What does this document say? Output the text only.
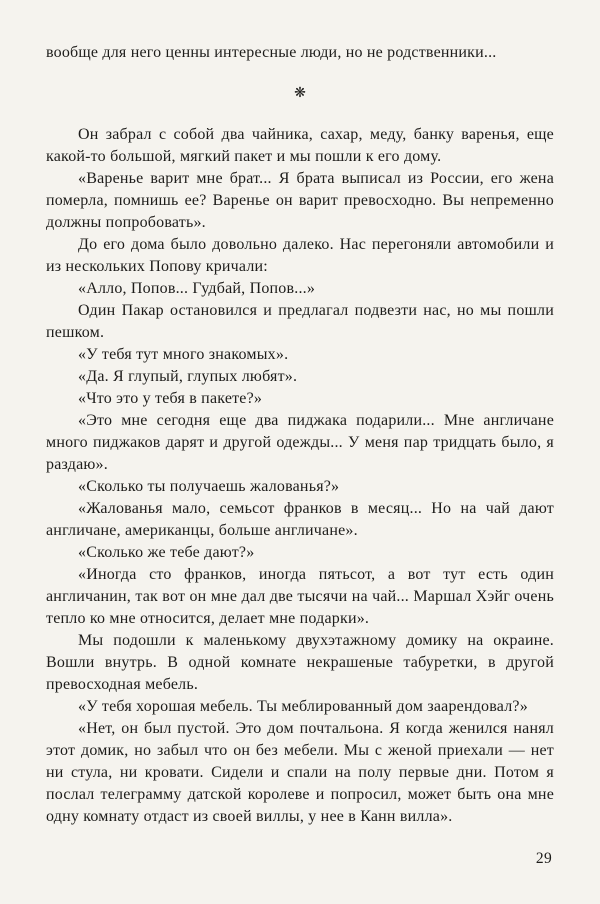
вообще для него ценны интересные люди, но не родственники...

❋

Он забрал с собой два чайника, сахар, меду, банку варенья, еще какой-то большой, мягкий пакет и мы пошли к его дому.

«Варенье варит мне брат... Я брата выписал из России, его жена померла, помнишь ее? Варенье он варит превосходно. Вы непременно должны попробовать».

До его дома было довольно далеко. Нас перегоняли автомобили и из нескольких Попову кричали:

«Алло, Попов... Гудбай, Попов...»

Один Пакар остановился и предлагал подвезти нас, но мы пошли пешком.

«У тебя тут много знакомых».

«Да. Я глупый, глупых любят».

«Что это у тебя в пакете?»

«Это мне сегодня еще два пиджака подарили... Мне англичане много пиджаков дарят и другой одежды... У меня пар тридцать было, я раздаю».

«Сколько ты получаешь жалованья?»

«Жалованья мало, семьсот франков в месяц... Но на чай дают англичане, американцы, больше англичане».

«Сколько же тебе дают?»

«Иногда сто франков, иногда пятьсот, а вот тут есть один англичанин, так вот он мне дал две тысячи на чай... Маршал Хэйг очень тепло ко мне относится, делает мне подарки».

Мы подошли к маленькому двухэтажному домику на окраине. Вошли внутрь. В одной комнате некрашеные табуретки, в другой превосходная мебель.

«У тебя хорошая мебель. Ты меблированный дом заарендовал?»

«Нет, он был пустой. Это дом почтальона. Я когда женился нанял этот домик, но забыл что он без мебели. Мы с женой приехали — нет ни стула, ни кровати. Сидели и спали на полу первые дни. Потом я послал телеграмму датской королеве и попросил, может быть она мне одну комнату отдаст из своей виллы, у нее в Канн вилла».

29
